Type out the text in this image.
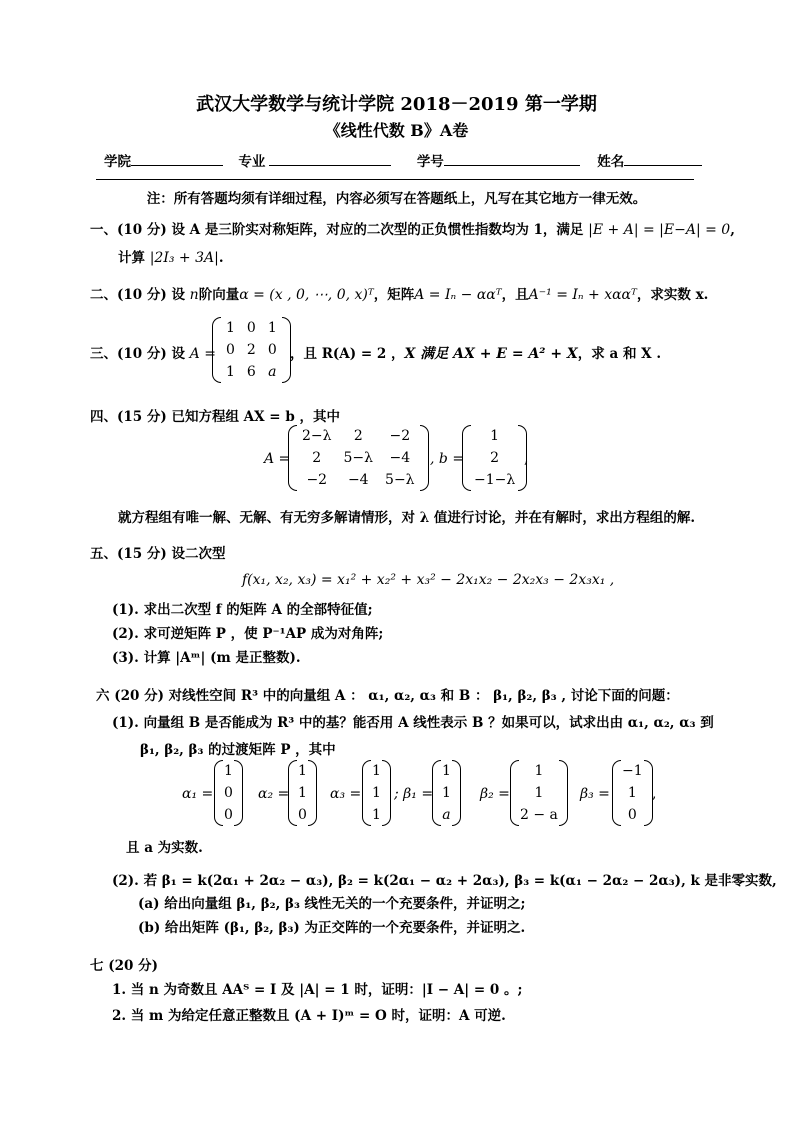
武汉大学数学与统计学院 2018－2019 第一学期
《线性代数 B》A卷
学院	专业	学号	姓名
注：所有答题均须有详细过程，内容必须写在答题纸上，凡写在其它地方一律无效。
一、(10 分) 设 A 是三阶实对称矩阵，对应的二次型的正负惯性指数均为 1，满足 |E + A| = |E−A| = 0,
计算 |2I₃ + 3A|.
二、(10 分) 设 n阶向量α = (x , 0, ⋯, 0, x)ᵀ，矩阵A = Iₙ − ααᵀ，且A⁻¹ = Iₙ + xααᵀ，求实数 x.
三、(10 分) 设 A =
1	0	1
0	2	0
1	6	a
，且 R(A) = 2 ，X 满足 AX + E = A² + X，求 a 和 X .
四、(15 分) 已知方程组 AX = b ，其中
A =
2−λ	2	−2
2	5−λ	−4
−2	−4	5−λ
, b =
1
2
−1−λ
,
就方程组有唯一解、无解、有无穷多解请情形，对 λ 值进行讨论，并在有解时，求出方程组的解.
五、(15 分) 设二次型
f(x₁, x₂, x₃) = x₁² + x₂² + x₃² − 2x₁x₂ − 2x₂x₃ − 2x₃x₁ ,
(1). 求出二次型 f 的矩阵 A 的全部特征值;
(2). 求可逆矩阵 P ，使 P⁻¹AP 成为对角阵;
(3). 计算 |Aᵐ| (m 是正整数).
六 (20 分) 对线性空间 R³ 中的向量组 A ： α₁, α₂, α₃ 和 B ： β₁, β₂, β₃ , 讨论下面的问题：
(1). 向量组 B 是否能成为 R³ 中的基？能否用 A 线性表示 B ？如果可以，试求出由 α₁, α₂, α₃ 到
β₁, β₂, β₃ 的过渡矩阵 P ，其中
α₁ =
1
0
0
α₂ =
1
1
0
α₃ =
1
1
1
; β₁ =
1
1
a
β₂ =
1
1
2 − a
β₃ =
−1
1
0
,
且 a 为实数.
(2). 若 β₁ = k(2α₁ + 2α₂ − α₃), β₂ = k(2α₁ − α₂ + 2α₃), β₃ = k(α₁ − 2α₂ − 2α₃), k 是非零实数,
(a) 给出向量组 β₁, β₂, β₃ 线性无关的一个充要条件，并证明之;
(b) 给出矩阵 (β₁, β₂, β₃) 为正交阵的一个充要条件，并证明之.
七 (20 分)
1. 当 n 为奇数且 AAᵀ = I 及 |A| = 1 时，证明：|I − A| = 0 。;
2. 当 m 为给定任意正整数且 (A + I)ᵐ = O 时，证明：A 可逆.
